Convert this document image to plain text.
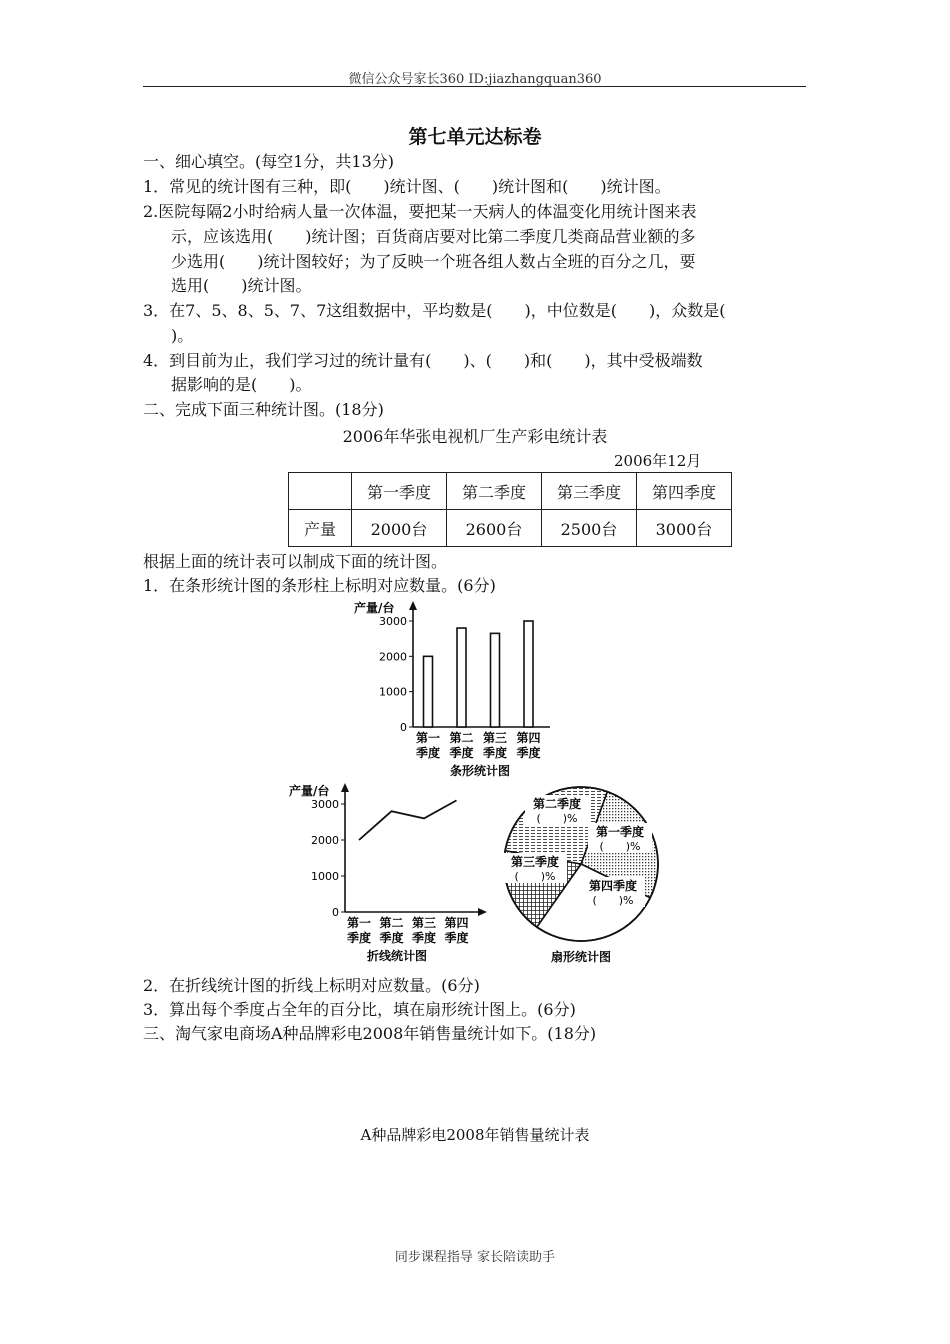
微信公众号家长360 ID:jiazhangquan360
第七单元达标卷
一、细心填空。(每空1分，共13分)
1．常见的统计图有三种，即(　　)统计图、(　　)统计图和(　　)统计图。
2.医院每隔2小时给病人量一次体温，要把某一天病人的体温变化用统计图来表
示，应该选用(　　)统计图；百货商店要对比第二季度几类商品营业额的多
少选用(　　)统计图较好；为了反映一个班各组人数占全班的百分之几，要
选用(　　)统计图。
3．在7、5、8、5、7、7这组数据中，平均数是(　　)，中位数是(　　)，众数是(
)。
4．到目前为止，我们学习过的统计量有(　　)、(　　)和(　　)，其中受极端数
据影响的是(　　)。
二、完成下面三种统计图。(18分)
2006年华张电视机厂生产彩电统计表
2006年12月
	第一季度	第二季度	第三季度	第四季度
产量	2000台	2600台	2500台	3000台
根据上面的统计表可以制成下面的统计图。
1．在条形统计图的条形柱上标明对应数量。(6分)
产量/台
0
1000
2000
3000
第一
季度
第二
季度
第三
季度
第四
季度
条形统计图
产量/台
0
1000
2000
3000
第一
季度
第二
季度
第三
季度
第四
季度
折线统计图
第一季度
(　　)%
第四季度
(　　)%
第三季度
(　　)%
第二季度
(　　)%
扇形统计图
2．在折线统计图的折线上标明对应数量。(6分)
3．算出每个季度占全年的百分比，填在扇形统计图上。(6分)
三、淘气家电商场A种品牌彩电2008年销售量统计如下。(18分)
A种品牌彩电2008年销售量统计表
同步课程指导 家长陪读助手
